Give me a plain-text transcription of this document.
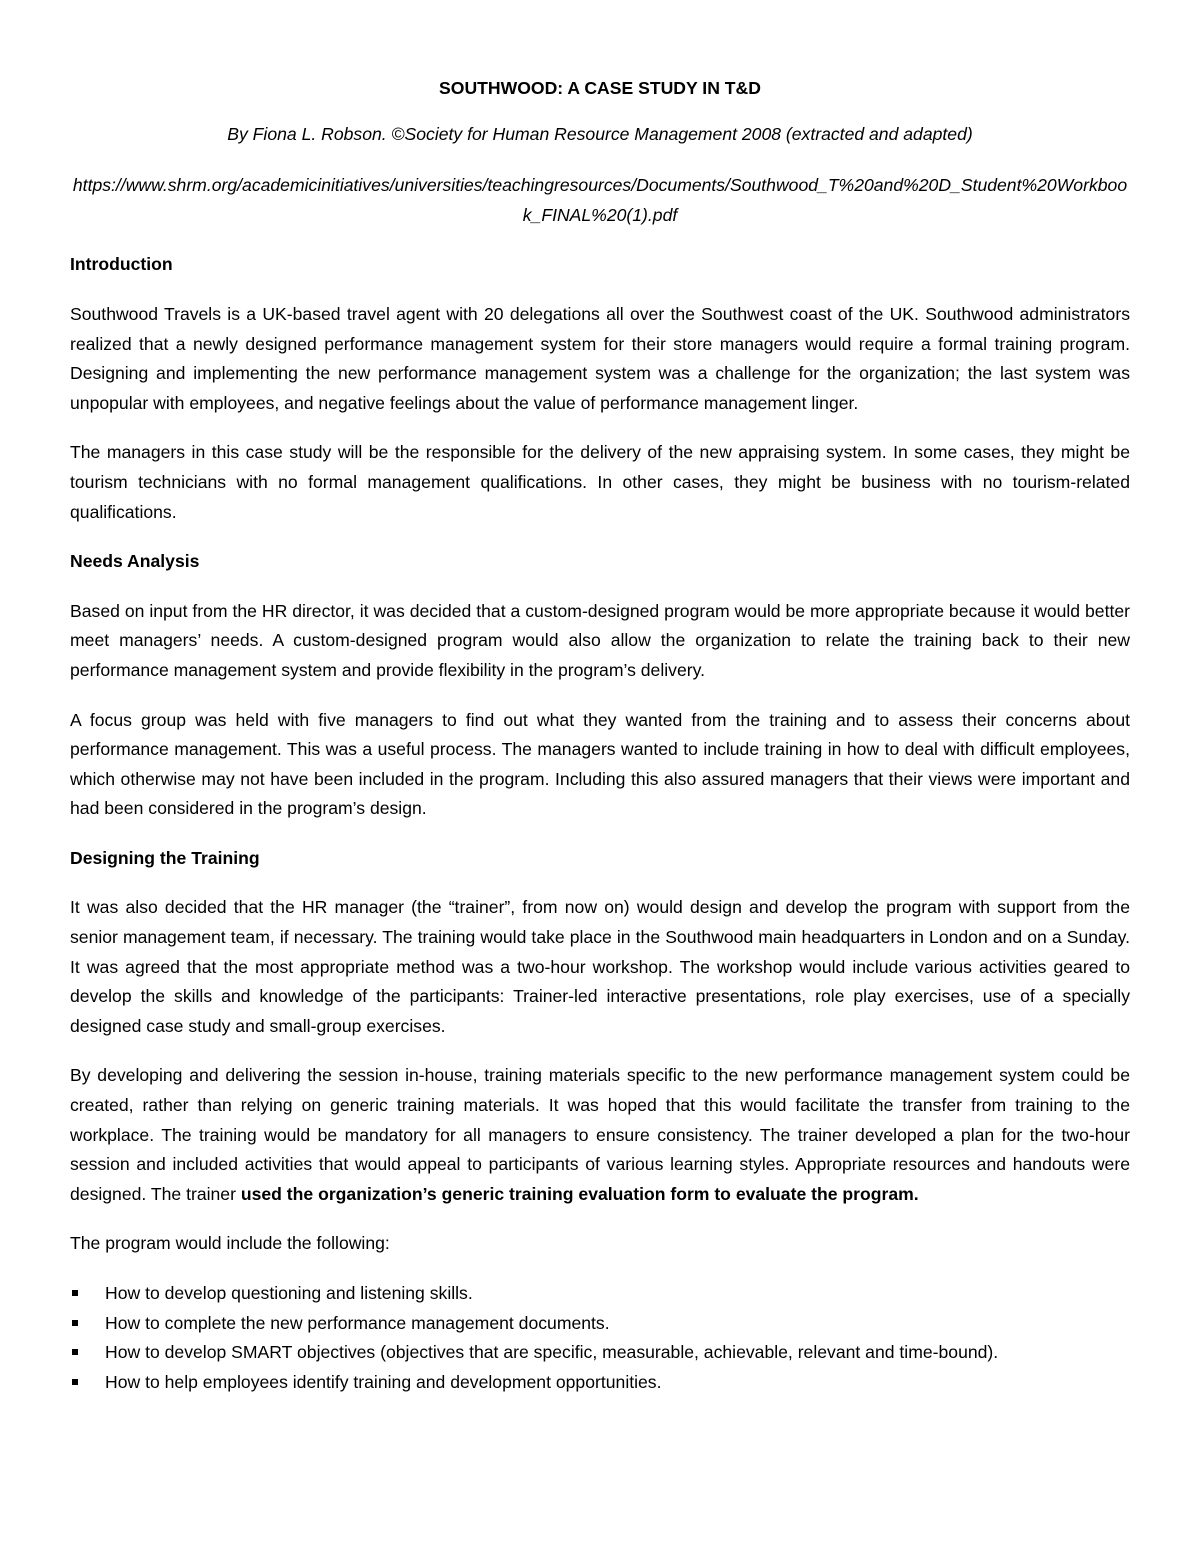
SOUTHWOOD: A CASE STUDY IN T&D
By Fiona L. Robson. ©Society for Human Resource Management 2008 (extracted and adapted)
https://www.shrm.org/academicinitiatives/universities/teachingresources/Documents/Southwood_T%20and%20D_Student%20Workbook_FINAL%20(1).pdf
Introduction
Southwood Travels is a UK-based travel agent with 20 delegations all over the Southwest coast of the UK. Southwood administrators realized that a newly designed performance management system for their store managers would require a formal training program. Designing and implementing the new performance management system was a challenge for the organization; the last system was unpopular with employees, and negative feelings about the value of performance management linger.
The managers in this case study will be the responsible for the delivery of the new appraising system. In some cases, they might be tourism technicians with no formal management qualifications. In other cases, they might be business with no tourism-related qualifications.
Needs Analysis
Based on input from the HR director, it was decided that a custom-designed program would be more appropriate because it would better meet managers’ needs. A custom-designed program would also allow the organization to relate the training back to their new performance management system and provide flexibility in the program’s delivery.
A focus group was held with five managers to find out what they wanted from the training and to assess their concerns about performance management. This was a useful process. The managers wanted to include training in how to deal with difficult employees, which otherwise may not have been included in the program. Including this also assured managers that their views were important and had been considered in the program’s design.
Designing the Training
It was also decided that the HR manager (the “trainer”, from now on) would design and develop the program with support from the senior management team, if necessary. The training would take place in the Southwood main headquarters in London and on a Sunday. It was agreed that the most appropriate method was a two-hour workshop. The workshop would include various activities geared to develop the skills and knowledge of the participants: Trainer-led interactive presentations, role play exercises, use of a specially designed case study and small-group exercises.
By developing and delivering the session in-house, training materials specific to the new performance management system could be created, rather than relying on generic training materials. It was hoped that this would facilitate the transfer from training to the workplace. The training would be mandatory for all managers to ensure consistency. The trainer developed a plan for the two-hour session and included activities that would appeal to participants of various learning styles. Appropriate resources and handouts were designed. The trainer used the organization’s generic training evaluation form to evaluate the program.
The program would include the following:
How to develop questioning and listening skills.
How to complete the new performance management documents.
How to develop SMART objectives (objectives that are specific, measurable, achievable, relevant and time-bound).
How to help employees identify training and development opportunities.
